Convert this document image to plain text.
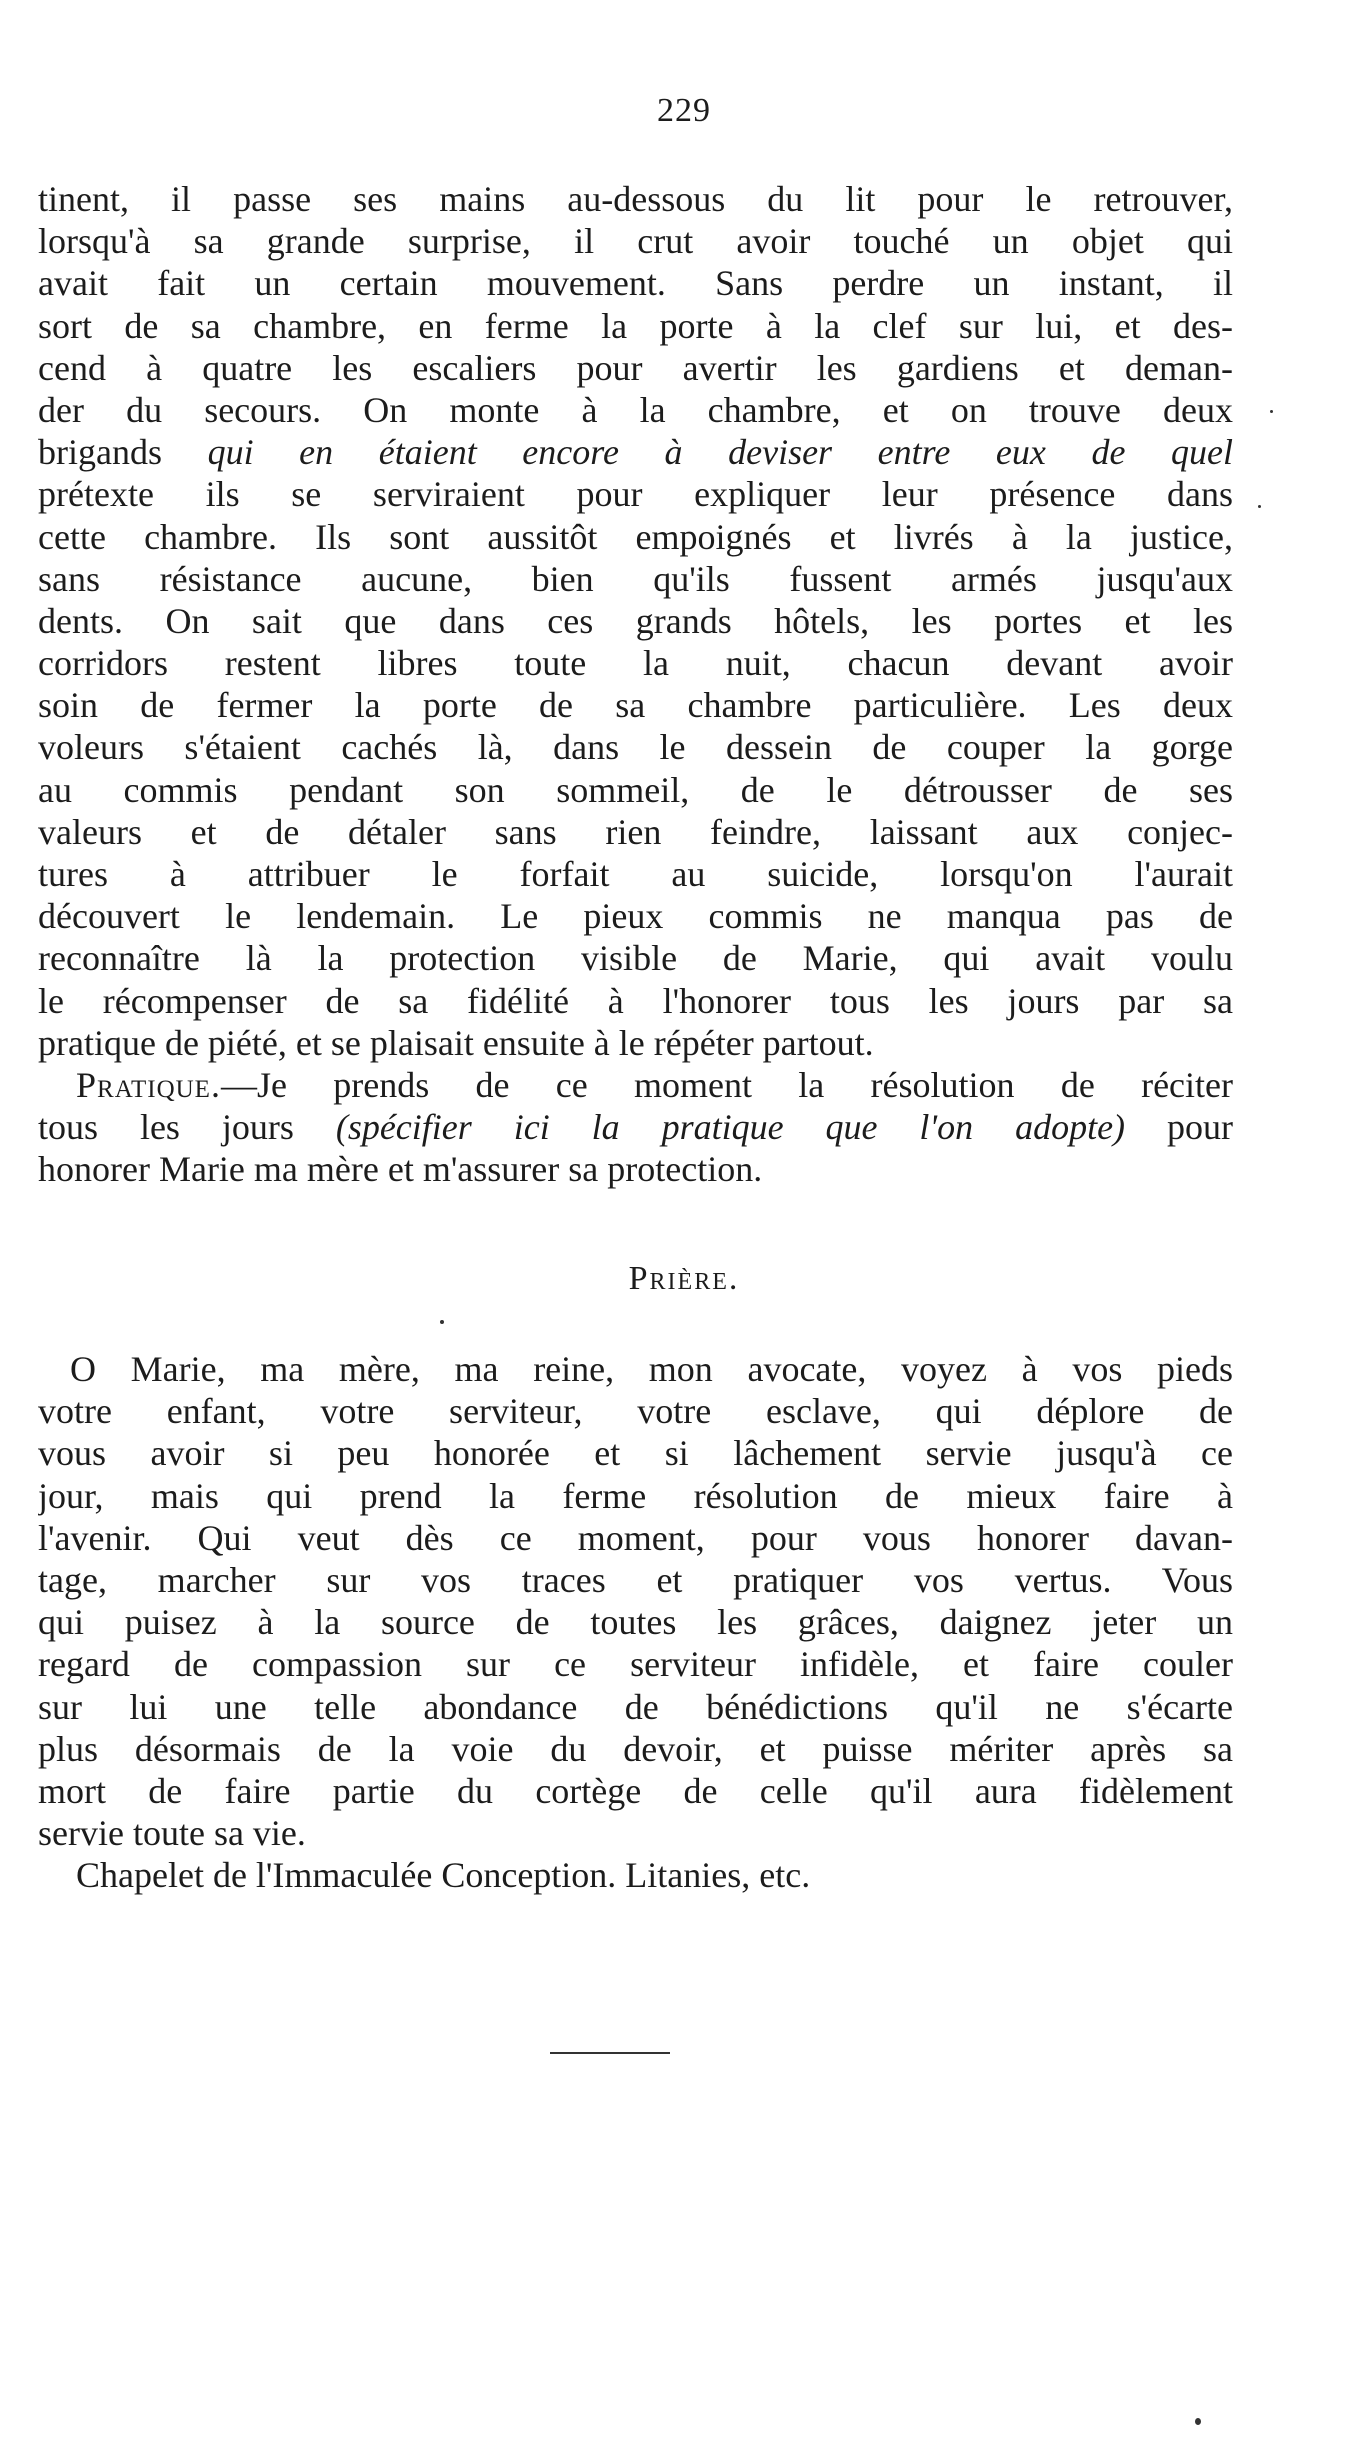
229
tinent, il passe ses mains au-dessous du lit pour le retrouver,
lorsqu'à sa grande surprise, il crut avoir touché un objet qui
avait fait un certain mouvement. Sans perdre un instant, il
sort de sa chambre, en ferme la porte à la clef sur lui, et des-
cend à quatre les escaliers pour avertir les gardiens et deman-
der du secours. On monte à la chambre, et on trouve deux
brigands qui en étaient encore à deviser entre eux de quel
prétexte ils se serviraient pour expliquer leur présence dans
cette chambre. Ils sont aussitôt empoignés et livrés à la justice,
sans résistance aucune, bien qu'ils fussent armés jusqu'aux
dents. On sait que dans ces grands hôtels, les portes et les
corridors restent libres toute la nuit, chacun devant avoir
soin de fermer la porte de sa chambre particulière. Les deux
voleurs s'étaient cachés là, dans le dessein de couper la gorge
au commis pendant son sommeil, de le détrousser de ses
valeurs et de détaler sans rien feindre, laissant aux conjec-
tures à attribuer le forfait au suicide, lorsqu'on l'aurait
découvert le lendemain. Le pieux commis ne manqua pas de
reconnaître là la protection visible de Marie, qui avait voulu
le récompenser de sa fidélité à l'honorer tous les jours par sa
pratique de piété, et se plaisait ensuite à le répéter partout.
Pratique.—Je prends de ce moment la résolution de réciter
tous les jours (spécifier ici la pratique que l'on adopte) pour
honorer Marie ma mère et m'assurer sa protection.
Prière.
O Marie, ma mère, ma reine, mon avocate, voyez à vos pieds
votre enfant, votre serviteur, votre esclave, qui déplore de
vous avoir si peu honorée et si lâchement servie jusqu'à ce
jour, mais qui prend la ferme résolution de mieux faire à
l'avenir. Qui veut dès ce moment, pour vous honorer davan-
tage, marcher sur vos traces et pratiquer vos vertus. Vous
qui puisez à la source de toutes les grâces, daignez jeter un
regard de compassion sur ce serviteur infidèle, et faire couler
sur lui une telle abondance de bénédictions qu'il ne s'écarte
plus désormais de la voie du devoir, et puisse mériter après sa
mort de faire partie du cortège de celle qu'il aura fidèlement
servie toute sa vie.
Chapelet de l'Immaculée Conception. Litanies, etc.
